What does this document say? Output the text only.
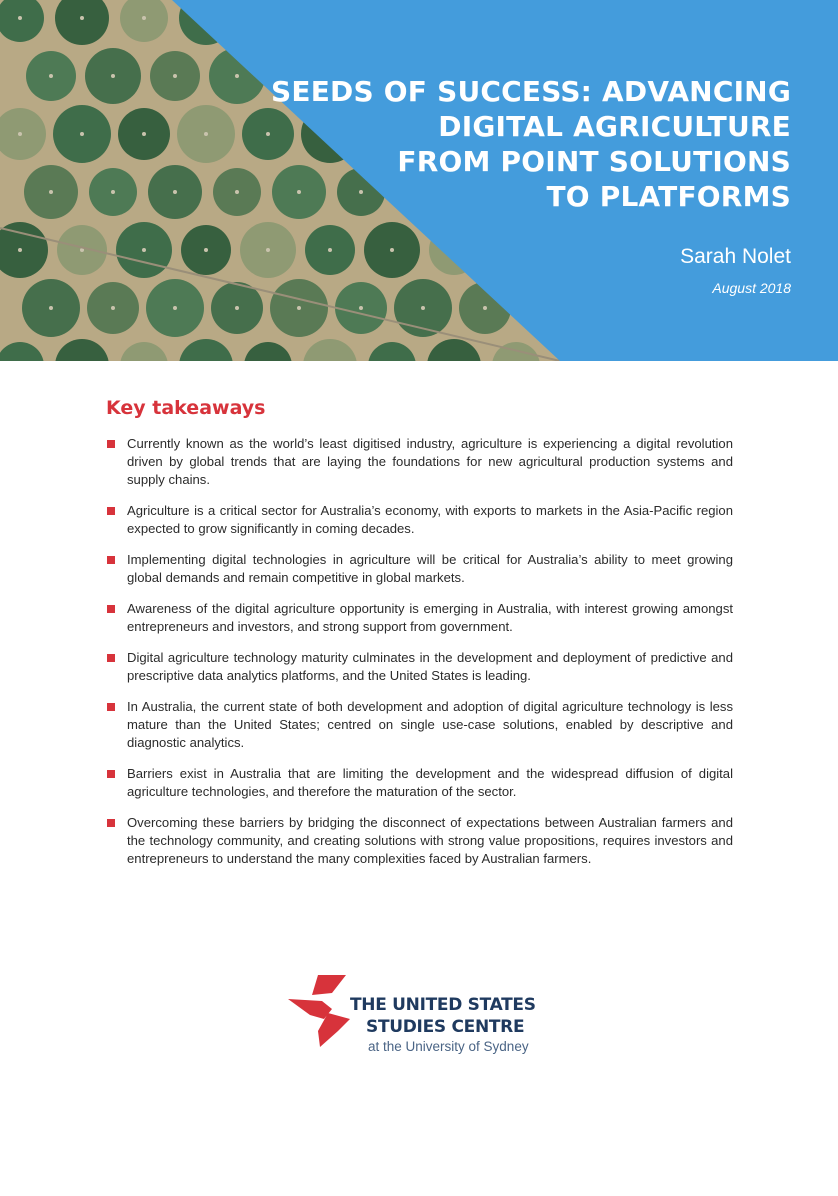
SEEDS OF SUCCESS: ADVANCING
DIGITAL AGRICULTURE
FROM POINT SOLUTIONS
TO PLATFORMS
Sarah Nolet
August 2018
Key takeaways
Currently known as the world’s least digitised industry, agriculture is experiencing a digital revolution driven by global trends that are laying the foundations for new agricultural production systems and supply chains.
Agriculture is a critical sector for Australia’s economy, with exports to markets in the Asia-Pacific region expected to grow significantly in coming decades.
Implementing digital technologies in agriculture will be critical for Australia’s ability to meet growing global demands and remain competitive in global markets.
Awareness of the digital agriculture opportunity is emerging in Australia, with interest growing amongst entrepreneurs and investors, and strong support from government.
Digital agriculture technology maturity culminates in the development and deployment of predictive and prescriptive data analytics platforms, and the United States is leading.
In Australia, the current state of both development and adoption of digital agriculture technology is less mature than the United States; centred on single use-case solutions, enabled by descriptive and diagnostic analytics.
Barriers exist in Australia that are limiting the development and the widespread diffusion of digital agriculture technologies, and therefore the maturation of the sector.
Overcoming these barriers by bridging the disconnect of expectations between Australian farmers and the technology community, and creating solutions with strong value propositions, requires investors and entrepreneurs to understand the many complexities faced by Australian farmers.
THE UNITED STATES
STUDIES CENTRE
at the University of Sydney
